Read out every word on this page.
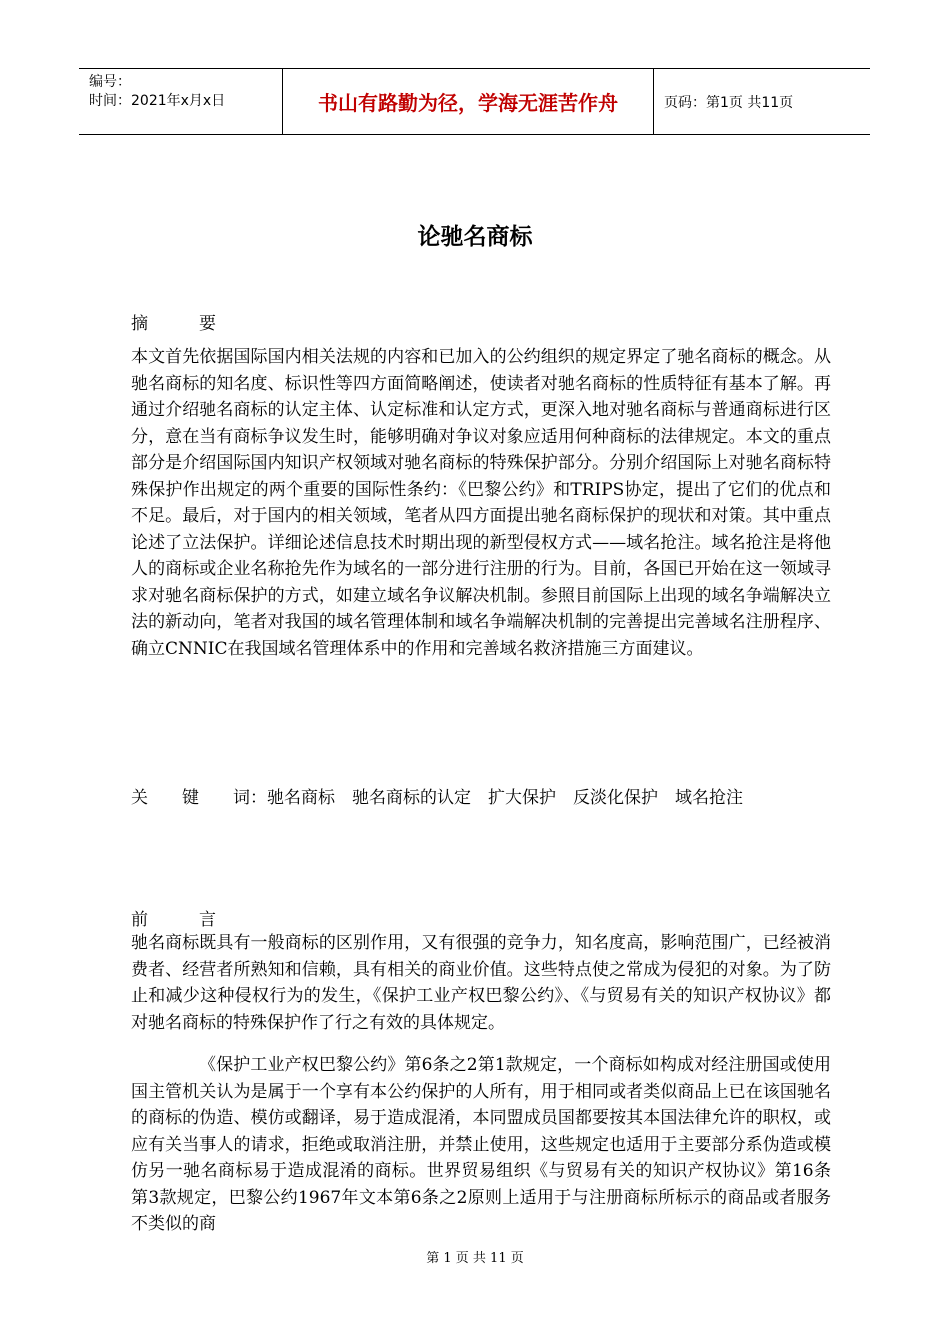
编号：
时间：2021年x月x日	书山有路勤为径，学海无涯苦作舟	页码：第1页 共11页
论驰名商标
摘　　　要
本文首先依据国际国内相关法规的内容和已加入的公约组织的规定界定了驰名商标的概念。从驰名商标的知名度、标识性等四方面简略阐述，使读者对驰名商标的性质特征有基本了解。再通过介绍驰名商标的认定主体、认定标准和认定方式，更深入地对驰名商标与普通商标进行区分，意在当有商标争议发生时，能够明确对争议对象应适用何种商标的法律规定。本文的重点部分是介绍国际国内知识产权领域对驰名商标的特殊保护部分。分别介绍国际上对驰名商标特殊保护作出规定的两个重要的国际性条约：《巴黎公约》和TRIPS协定，提出了它们的优点和不足。最后，对于国内的相关领域，笔者从四方面提出驰名商标保护的现状和对策。其中重点论述了立法保护。详细论述信息技术时期出现的新型侵权方式——域名抢注。域名抢注是将他人的商标或企业名称抢先作为域名的一部分进行注册的行为。目前，各国已开始在这一领域寻求对驰名商标保护的方式，如建立域名争议解决机制。参照目前国际上出现的域名争端解决立法的新动向，笔者对我国的域名管理体制和域名争端解决机制的完善提出完善域名注册程序、确立CNNIC在我国域名管理体系中的作用和完善域名救济措施三方面建议。
关　　键　　词：驰名商标　驰名商标的认定　扩大保护　反淡化保护　域名抢注
前　　　言
驰名商标既具有一般商标的区别作用，又有很强的竞争力，知名度高，影响范围广，已经被消费者、经营者所熟知和信赖，具有相关的商业价值。这些特点使之常成为侵犯的对象。为了防止和减少这种侵权行为的发生，《保护工业产权巴黎公约》、《与贸易有关的知识产权协议》都对驰名商标的特殊保护作了行之有效的具体规定。
《保护工业产权巴黎公约》第6条之2第1款规定，一个商标如构成对经注册国或使用国主管机关认为是属于一个享有本公约保护的人所有，用于相同或者类似商品上已在该国驰名的商标的伪造、模仿或翻译，易于造成混淆，本同盟成员国都要按其本国法律允许的职权，或应有关当事人的请求，拒绝或取消注册，并禁止使用，这些规定也适用于主要部分系伪造或模仿另一驰名商标易于造成混淆的商标。世界贸易组织《与贸易有关的知识产权协议》第16条第3款规定，巴黎公约1967年文本第6条之2原则上适用于与注册商标所标示的商品或者服务不类似的商
第 1 页 共 11 页
